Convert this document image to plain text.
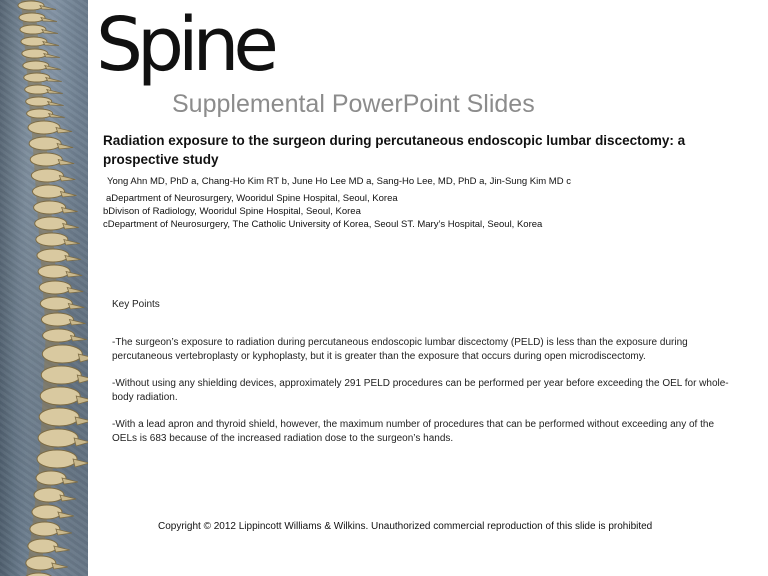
Spine
Supplemental PowerPoint Slides
Radiation exposure to the surgeon during percutaneous endoscopic lumbar discectomy: a prospective study
Yong Ahn MD, PhD a, Chang-Ho Kim RT b, June Ho Lee MD a, Sang-Ho Lee, MD, PhD a, Jin-Sung Kim MD c
aDepartment of Neurosurgery, Wooridul Spine Hospital, Seoul, Korea
bDivison of Radiology, Wooridul Spine Hospital, Seoul, Korea
cDepartment of Neurosurgery, The Catholic University of Korea, Seoul ST. Mary’s Hospital, Seoul, Korea

Key Points

-The surgeon’s exposure to radiation during percutaneous endoscopic lumbar discectomy (PELD) is less than the exposure during percutaneous vertebroplasty or kyphoplasty, but it is greater than the exposure that occurs during open microdiscectomy.

-Without using any shielding devices, approximately 291 PELD procedures can be performed per year before exceeding the OEL for whole-body radiation.

-With a lead apron and thyroid shield, however, the maximum number of procedures that can be performed without exceeding any of the OELs is 683 because of the increased radiation dose to the surgeon’s hands.

Copyright © 2012 Lippincott Williams & Wilkins. Unauthorized commercial reproduction of this slide is prohibited
